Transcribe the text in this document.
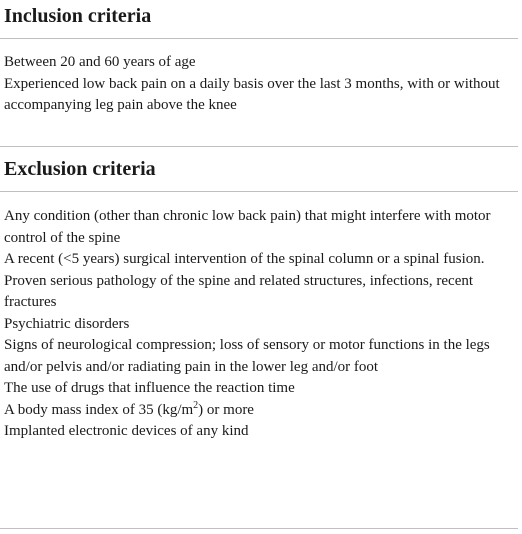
Inclusion criteria
Between 20 and 60 years of age
Experienced low back pain on a daily basis over the last 3 months, with or without accompanying leg pain above the knee
Exclusion criteria
Any condition (other than chronic low back pain) that might interfere with motor control of the spine
A recent (<5 years) surgical intervention of the spinal column or a spinal fusion.
Proven serious pathology of the spine and related structures, infections, recent fractures
Psychiatric disorders
Signs of neurological compression; loss of sensory or motor functions in the legs and/or pelvis and/or radiating pain in the lower leg and/or foot
The use of drugs that influence the reaction time
A body mass index of 35 $(kg/m^2)$ or more
Implanted electronic devices of any kind
